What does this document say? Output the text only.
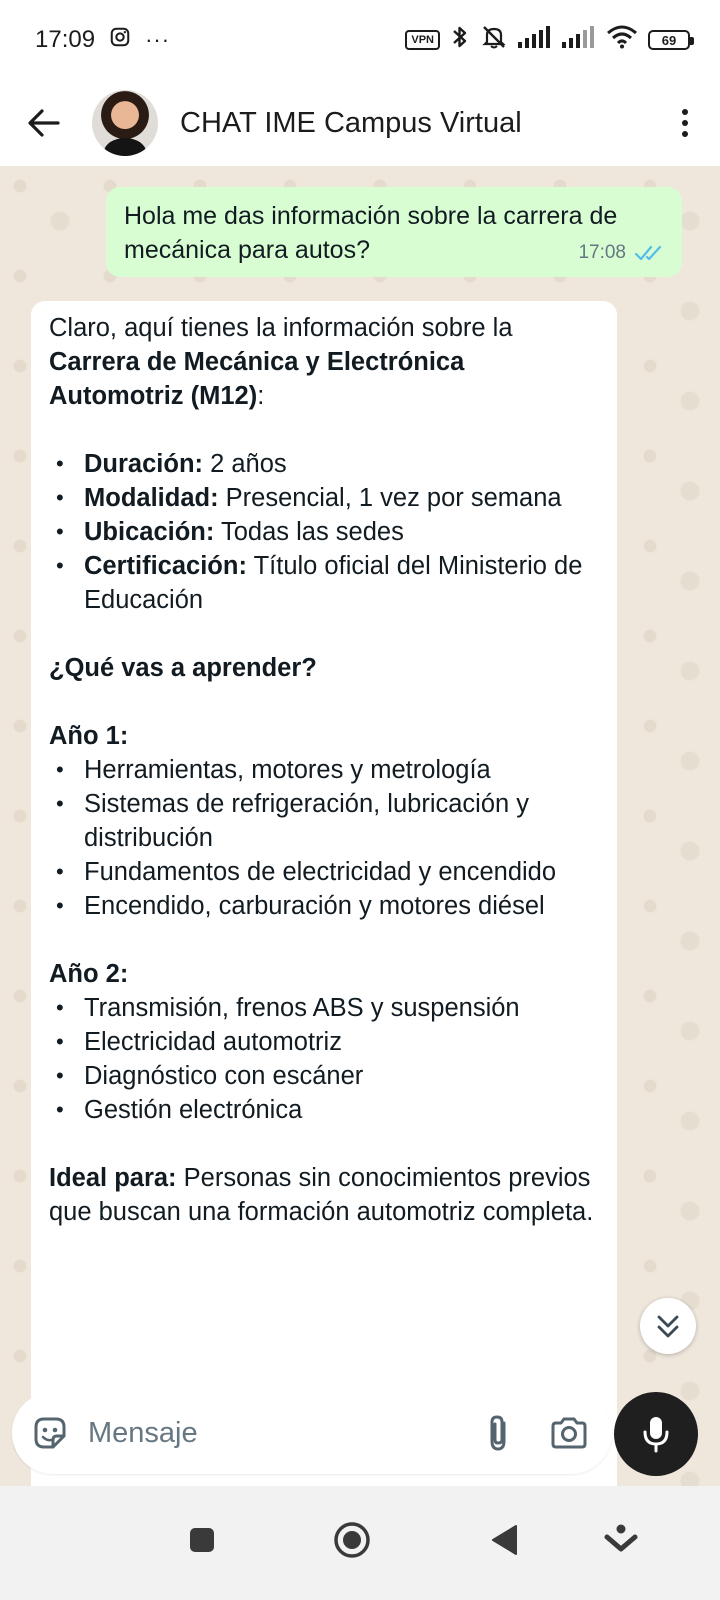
17:09 ···	VPN	69
CHAT IME Campus Virtual
Hola me das información sobre la carrera de mecánica para autos?	17:08

Claro, aquí tienes la información sobre la Carrera de Mecánica y Electrónica Automotriz (M12):

• Duración: 2 años
• Modalidad: Presencial, 1 vez por semana
• Ubicación: Todas las sedes
• Certificación: Título oficial del Ministerio de Educación

¿Qué vas a aprender?

Año 1:

• Herramientas, motores y metrología
• Sistemas de refrigeración, lubricación y distribución
• Fundamentos de electricidad y encendido
• Encendido, carburación y motores diésel

Año 2:

• Transmisión, frenos ABS y suspensión
• Electricidad automotriz
• Diagnóstico con escáner
• Gestión electrónica

Ideal para: Personas sin conocimientos previos que buscan una formación automotriz completa.

Mensaje
